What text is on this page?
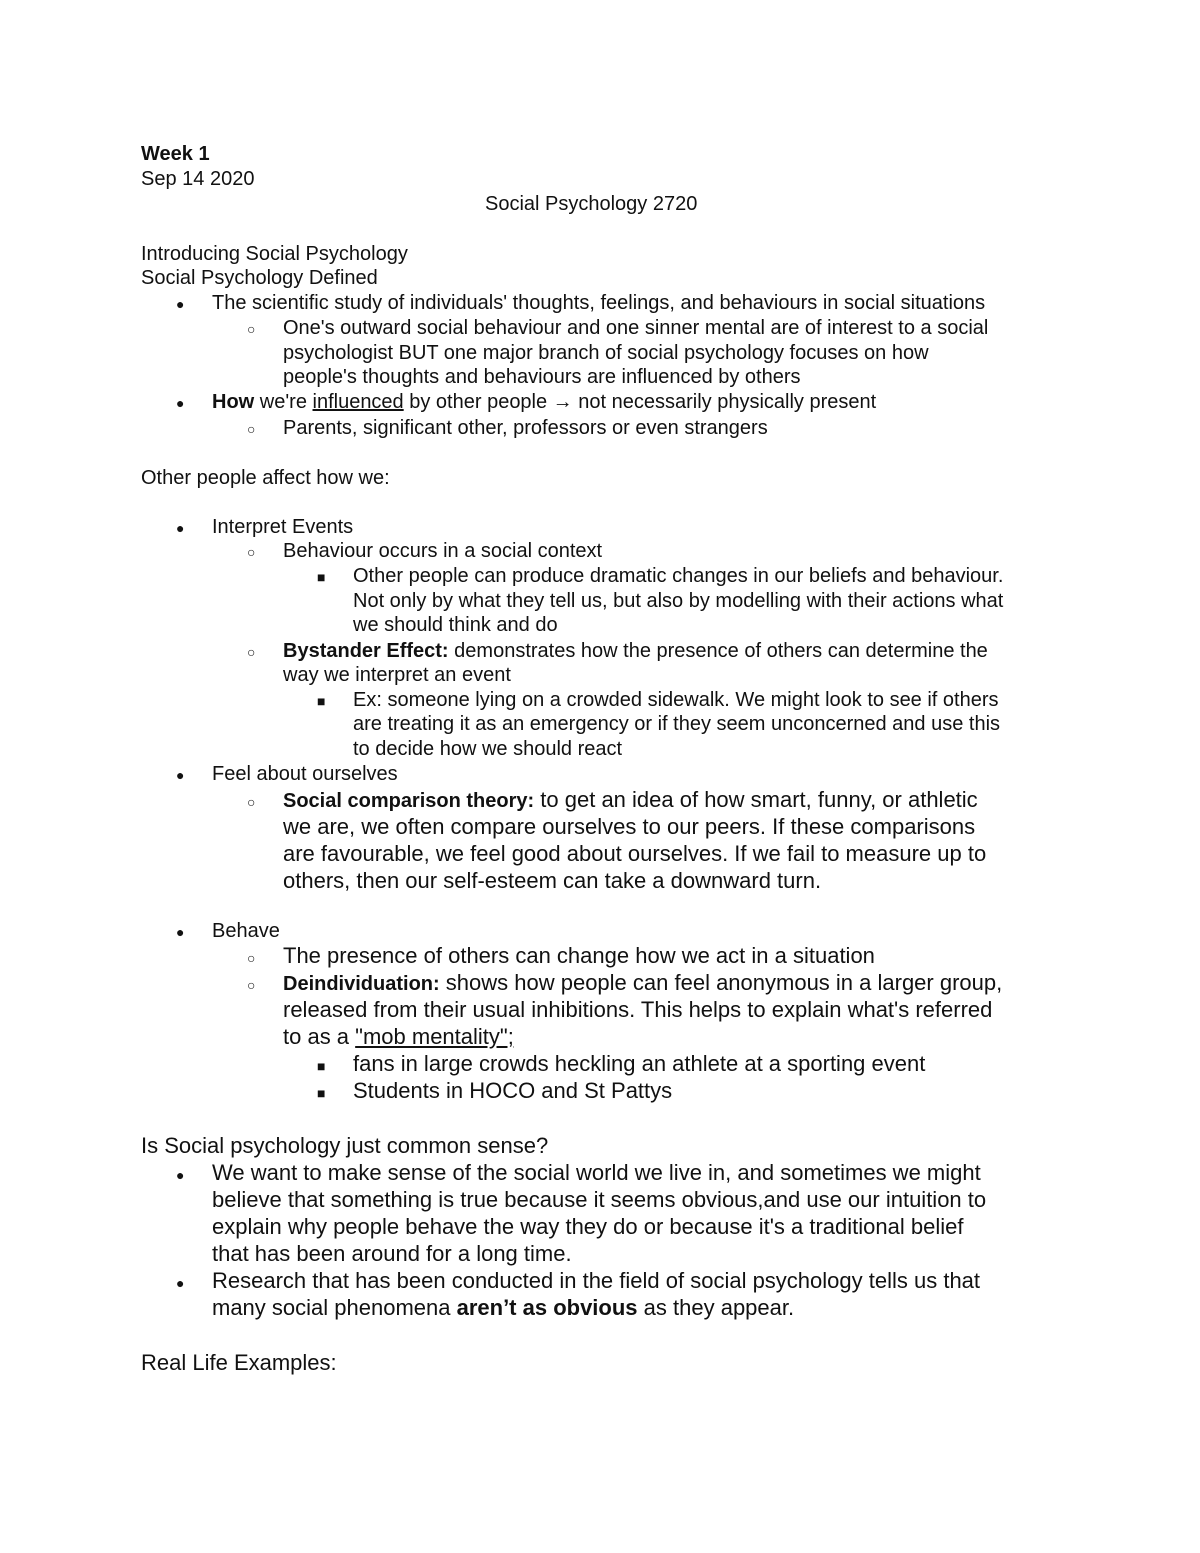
Week 1
Sep 14 2020
Social Psychology 2720
Introducing Social Psychology
Social Psychology Defined
● The scientific study of individuals' thoughts, feelings, and behaviours in social situations
○ One's outward social behaviour and one sinner mental are of interest to a social
psychologist BUT one major branch of social psychology focuses on how
people's thoughts and behaviours are influenced by others
● How we're influenced by other people → not necessarily physically present
○ Parents, significant other, professors or even strangers
Other people affect how we:
● Interpret Events
○ Behaviour occurs in a social context
■ Other people can produce dramatic changes in our beliefs and behaviour.
Not only by what they tell us, but also by modelling with their actions what
we should think and do
○ Bystander Effect: demonstrates how the presence of others can determine the
way we interpret an event
■ Ex: someone lying on a crowded sidewalk. We might look to see if others
are treating it as an emergency or if they seem unconcerned and use this
to decide how we should react
● Feel about ourselves
○ Social comparison theory: to get an idea of how smart, funny, or athletic
we are, we often compare ourselves to our peers. If these comparisons
are favourable, we feel good about ourselves. If we fail to measure up to
others, then our self-esteem can take a downward turn.
● Behave
○ The presence of others can change how we act in a situation
○ Deindividuation: shows how people can feel anonymous in a larger group,
released from their usual inhibitions. This helps to explain what's referred
to as a "mob mentality";
■ fans in large crowds heckling an athlete at a sporting event
■ Students in HOCO and St Pattys
Is Social psychology just common sense?
● We want to make sense of the social world we live in, and sometimes we might
believe that something is true because it seems obvious,and use our intuition to
explain why people behave the way they do or because it's a traditional belief
that has been around for a long time.
● Research that has been conducted in the field of social psychology tells us that
many social phenomena aren’t as obvious as they appear.
Real Life Examples:
